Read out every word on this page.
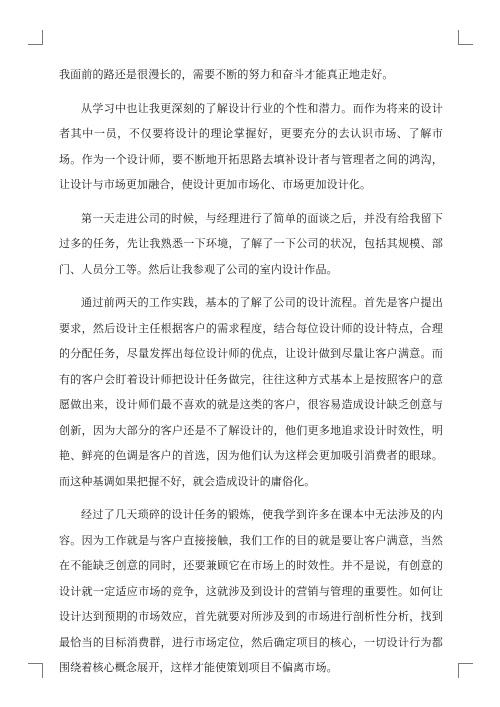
我面前的路还是很漫长的，需要不断的努力和奋斗才能真正地走好。

从学习中也让我更深刻的了解设计行业的个性和潜力。而作为将来的设计者其中一员，不仅要将设计的理论掌握好，更要充分的去认识市场、了解市场。作为一个设计师，要不断地开拓思路去填补设计者与管理者之间的鸿沟，让设计与市场更加融合，使设计更加市场化、市场更加设计化。

第一天走进公司的时候，与经理进行了简单的面谈之后，并没有给我留下过多的任务，先让我熟悉一下环境，了解了一下公司的状况，包括其规模、部门、人员分工等。然后让我参观了公司的室内设计作品。

通过前两天的工作实践，基本的了解了公司的设计流程。首先是客户提出要求，然后设计主任根据客户的需求程度，结合每位设计师的设计特点，合理的分配任务，尽量发挥出每位设计师的优点，让设计做到尽量让客户满意。而有的客户会盯着设计师把设计任务做完，往往这种方式基本上是按照客户的意愿做出来，设计师们最不喜欢的就是这类的客户，很容易造成设计缺乏创意与创新，因为大部分的客户还是不了解设计的，他们更多地追求设计时效性，明艳、鲜亮的色调是客户的首选，因为他们认为这样会更加吸引消费者的眼球。而这种基调如果把握不好，就会造成设计的庸俗化。

经过了几天琐碎的设计任务的锻炼，使我学到许多在课本中无法涉及的内容。因为工作就是与客户直接接触，我们工作的目的就是要让客户满意，当然在不能缺乏创意的同时，还要兼顾它在市场上的时效性。并不是说，有创意的设计就一定适应市场的竞争，这就涉及到设计的营销与管理的重要性。如何让设计达到预期的市场效应，首先就要对所涉及到的市场进行剖析性分析，找到最恰当的目标消费群，进行市场定位，然后确定项目的核心，一切设计行为都围绕着核心概念展开，这样才能使策划项目不偏离市场。
